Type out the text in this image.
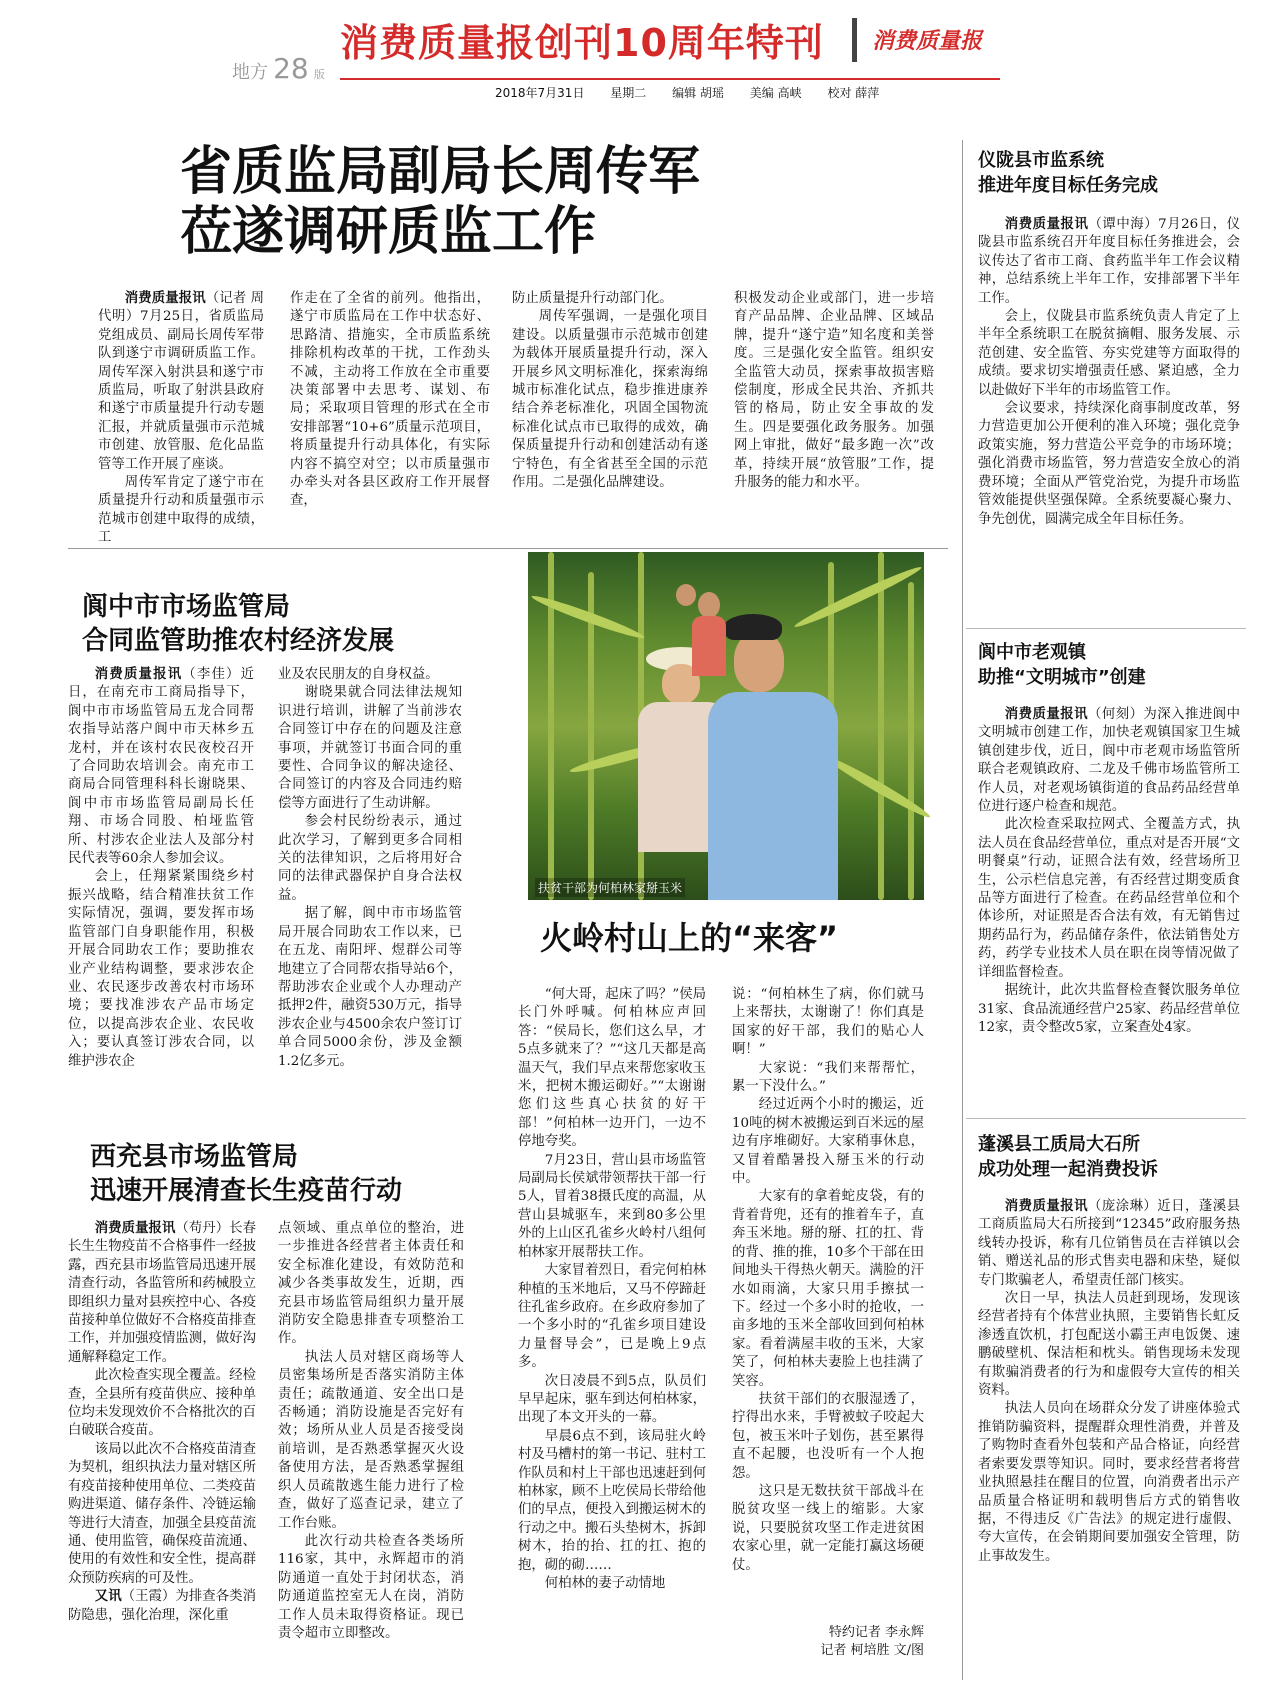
消费质量报创刊10周年特刊 消费质量报
地方 28 版
2018年7月31日 星期二 编辑 胡瑶 美编 高峡 校对 薛萍
省质监局副局长周传军
莅遂调研质监工作

消费质量报讯（记者 周代明）7月25日，省质监局党组成员、副局长周传军带队到遂宁市调研质监工作。周传军深入射洪县和遂宁市质监局，听取了射洪县政府和遂宁市质量提升行动专题汇报，并就质量强市示范城市创建、放管服、危化品监管等工作开展了座谈。

周传军肯定了遂宁市在质量提升行动和质量强市示范城市创建中取得的成绩，工

作走在了全省的前列。他指出，遂宁市质监局在工作中状态好、思路清、措施实，全市质监系统排除机构改革的干扰，工作劲头不减，主动将工作放在全市重要决策部署中去思考、谋划、布局；采取项目管理的形式在全市安排部署“10+6”质量示范项目，将质量提升行动具体化，有实际内容不搞空对空；以市质量强市办牵头对各县区政府工作开展督查，

防止质量提升行动部门化。

周传军强调，一是强化项目建设。以质量强市示范城市创建为载体开展质量提升行动，深入开展乡风文明标准化，探索海绵城市标准化试点，稳步推进康养结合养老标准化，巩固全国物流标准化试点市已取得的成效，确保质量提升行动和创建活动有遂宁特色，有全省甚至全国的示范作用。二是强化品牌建设。

积极发动企业或部门，进一步培育产品品牌、企业品牌、区域品牌，提升“遂宁造”知名度和美誉度。三是强化安全监管。组织安全监管大动员，探索事故损害赔偿制度，形成全民共治、齐抓共管的格局，防止安全事故的发生。四是要强化政务服务。加强网上审批，做好“最多跑一次”改革，持续开展“放管服”工作，提升服务的能力和水平。

阆中市市场监管局
合同监管助推农村经济发展

消费质量报讯（李佳）近日，在南充市工商局指导下，阆中市市场监管局五龙合同帮农指导站落户阆中市天林乡五龙村，并在该村农民夜校召开了合同助农培训会。南充市工商局合同管理科科长谢晓果、阆中市市场监管局副局长任翔、市场合同股、柏垭监管所、村涉农企业法人及部分村民代表等60余人参加会议。

会上，任翔紧紧围绕乡村振兴战略，结合精准扶贫工作实际情况，强调，要发挥市场监管部门自身职能作用，积极开展合同助农工作；要助推农业产业结构调整，要求涉农企业、农民逐步改善农村市场环境；要找准涉农产品市场定位，以提高涉农企业、农民收入；要认真签订涉农合同，以维护涉农企

业及农民朋友的自身权益。

谢晓果就合同法律法规知识进行培训，讲解了当前涉农合同签订中存在的问题及注意事项，并就签订书面合同的重要性、合同争议的解决途径、合同签订的内容及合同违约赔偿等方面进行了生动讲解。

参会村民纷纷表示，通过此次学习，了解到更多合同相关的法律知识，之后将用好合同的法律武器保护自身合法权益。

据了解，阆中市市场监管局开展合同助农工作以来，已在五龙、南阳坪、煜群公司等地建立了合同帮农指导站6个，帮助涉农企业或个人办理动产抵押2件，融资530万元，指导涉农企业与4500余农户签订订单合同5000余份，涉及金额1.2亿多元。

扶贫干部为何柏林家掰玉米
火岭村山上的“来客”

“何大哥，起床了吗？”侯局长门外呼喊。何柏林应声回答：“侯局长，您们这么早，才5点多就来了？”“这几天都是高温天气，我们早点来帮您家收玉米，把树木搬运砌好。”“太谢谢您们这些真心扶贫的好干部！”何柏林一边开门，一边不停地夸奖。

7月23日，营山县市场监管局副局长侯斌带领帮扶干部一行5人，冒着38摄氏度的高温，从营山县城驱车，来到80多公里外的上山区孔雀乡火岭村八组何柏林家开展帮扶工作。

大家冒着烈日，看完何柏林种植的玉米地后，又马不停蹄赶往孔雀乡政府。在乡政府参加了一个多小时的“孔雀乡项目建设力量督导会”，已是晚上9点多。

次日凌晨不到5点，队员们早早起床，驱车到达何柏林家，出现了本文开头的一幕。

早晨6点不到，该局驻火岭村及马槽村的第一书记、驻村工作队员和村上干部也迅速赶到何柏林家，顾不上吃侯局长带给他们的早点，便投入到搬运树木的行动之中。搬石头垫树木，拆卸树木，抬的抬、扛的扛、抱的抱，砌的砌……

何柏林的妻子动情地

说：“何柏林生了病，你们就马上来帮扶，太谢谢了！你们真是国家的好干部，我们的贴心人啊！”

大家说：“我们来帮帮忙，累一下没什么。”

经过近两个小时的搬运，近10吨的树木被搬运到百米远的屋边有序堆砌好。大家稍事休息，又冒着酷暑投入掰玉米的行动中。

大家有的拿着蛇皮袋，有的背着背兜，还有的推着车子，直奔玉米地。掰的掰、扛的扛、背的背、推的推，10多个干部在田间地头干得热火朝天。满脸的汗水如雨滴，大家只用手擦拭一下。经过一个多小时的抢收，一亩多地的玉米全部收回到何柏林家。看着满屋丰收的玉米，大家笑了，何柏林夫妻脸上也挂满了笑容。

扶贫干部们的衣服湿透了，拧得出水来，手臂被蚊子咬起大包，被玉米叶子划伤，甚至累得直不起腰，也没听有一个人抱怨。

这只是无数扶贫干部战斗在脱贫攻坚一线上的缩影。大家说，只要脱贫攻坚工作走进贫困农家心里，就一定能打赢这场硬仗。

特约记者 李永辉
记者 柯培胜 文/图
西充县市场监管局
迅速开展清查长生疫苗行动

消费质量报讯（苟丹）长春长生生物疫苗不合格事件一经披露，西充县市场监管局迅速开展清查行动，各监管所和药械股立即组织力量对县疾控中心、各疫苗接种单位做好不合格疫苗排查工作，并加强疫情监测，做好沟通解释稳定工作。

此次检查实现全覆盖。经检查，全县所有疫苗供应、接种单位均未发现效价不合格批次的百白破联合疫苗。

该局以此次不合格疫苗清查为契机，组织执法力量对辖区所有疫苗接种使用单位、二类疫苗购进渠道、储存条件、冷链运输等进行大清查，加强全县疫苗流通、使用监管，确保疫苗流通、使用的有效性和安全性，提高群众预防疾病的可及性。

又讯（王霞）为排查各类消防隐患，强化治理，深化重

点领域、重点单位的整治，进一步推进各经营者主体责任和安全标准化建设，有效防范和减少各类事故发生，近期，西充县市场监管局组织力量开展消防安全隐患排查专项整治工作。

执法人员对辖区商场等人员密集场所是否落实消防主体责任；疏散通道、安全出口是否畅通；消防设施是否完好有效；场所从业人员是否接受岗前培训，是否熟悉掌握灭火设备使用方法，是否熟悉掌握组织人员疏散逃生能力进行了检查，做好了巡查记录，建立了工作台账。

此次行动共检查各类场所116家，其中，永辉超市的消防通道一直处于封闭状态，消防通道监控室无人在岗，消防工作人员未取得资格证。现已责令超市立即整改。

仪陇县市监系统
推进年度目标任务完成

消费质量报讯（谭中海）7月26日，仪陇县市监系统召开年度目标任务推进会，会议传达了省市工商、食药监半年工作会议精神，总结系统上半年工作，安排部署下半年工作。

会上，仪陇县市监系统负责人肯定了上半年全系统职工在脱贫摘帽、服务发展、示范创建、安全监管、夯实党建等方面取得的成绩。要求切实增强责任感、紧迫感，全力以赴做好下半年的市场监管工作。

会议要求，持续深化商事制度改革，努力营造更加公开便利的准入环境；强化竞争政策实施，努力营造公平竞争的市场环境；强化消费市场监管，努力营造安全放心的消费环境；全面从严管党治党，为提升市场监管效能提供坚强保障。全系统要凝心聚力、争先创优，圆满完成全年目标任务。

阆中市老观镇
助推“文明城市”创建

消费质量报讯（何刻）为深入推进阆中文明城市创建工作，加快老观镇国家卫生城镇创建步伐，近日，阆中市老观市场监管所联合老观镇政府、二龙及千佛市场监管所工作人员，对老观场镇街道的食品药品经营单位进行逐户检查和规范。

此次检查采取拉网式、全覆盖方式，执法人员在食品经营单位，重点对是否开展“文明餐桌”行动，证照合法有效，经营场所卫生，公示栏信息完善，有否经营过期变质食品等方面进行了检查。在药品经营单位和个体诊所，对证照是否合法有效，有无销售过期药品行为，药品储存条件，依法销售处方药，药学专业技术人员在职在岗等情况做了详细监督检查。

据统计，此次共监督检查餐饮服务单位31家、食品流通经营户25家、药品经营单位12家，责令整改5家，立案查处4家。

蓬溪县工质局大石所
成功处理一起消费投诉

消费质量报讯（庞涂琳）近日，蓬溪县工商质监局大石所接到“12345”政府服务热线转办投诉，称有几位销售员在吉祥镇以会销、赠送礼品的形式售卖电器和床垫，疑似专门欺骗老人，希望责任部门核实。

次日一早，执法人员赶到现场，发现该经营者持有个体营业执照，主要销售长虹反渗透直饮机，打包配送小霸王声电饭煲、速鹏破壁机、保洁柜和枕头。销售现场未发现有欺骗消费者的行为和虚假夸大宣传的相关资料。

执法人员向在场群众分发了讲座体验式推销防骗资料，提醒群众理性消费，并普及了购物时查看外包装和产品合格证，向经营者索要发票等知识。同时，要求经营者将营业执照悬挂在醒目的位置，向消费者出示产品质量合格证明和载明售后方式的销售收据，不得违反《广告法》的规定进行虚假、夸大宣传，在会销期间要加强安全管理，防止事故发生。
